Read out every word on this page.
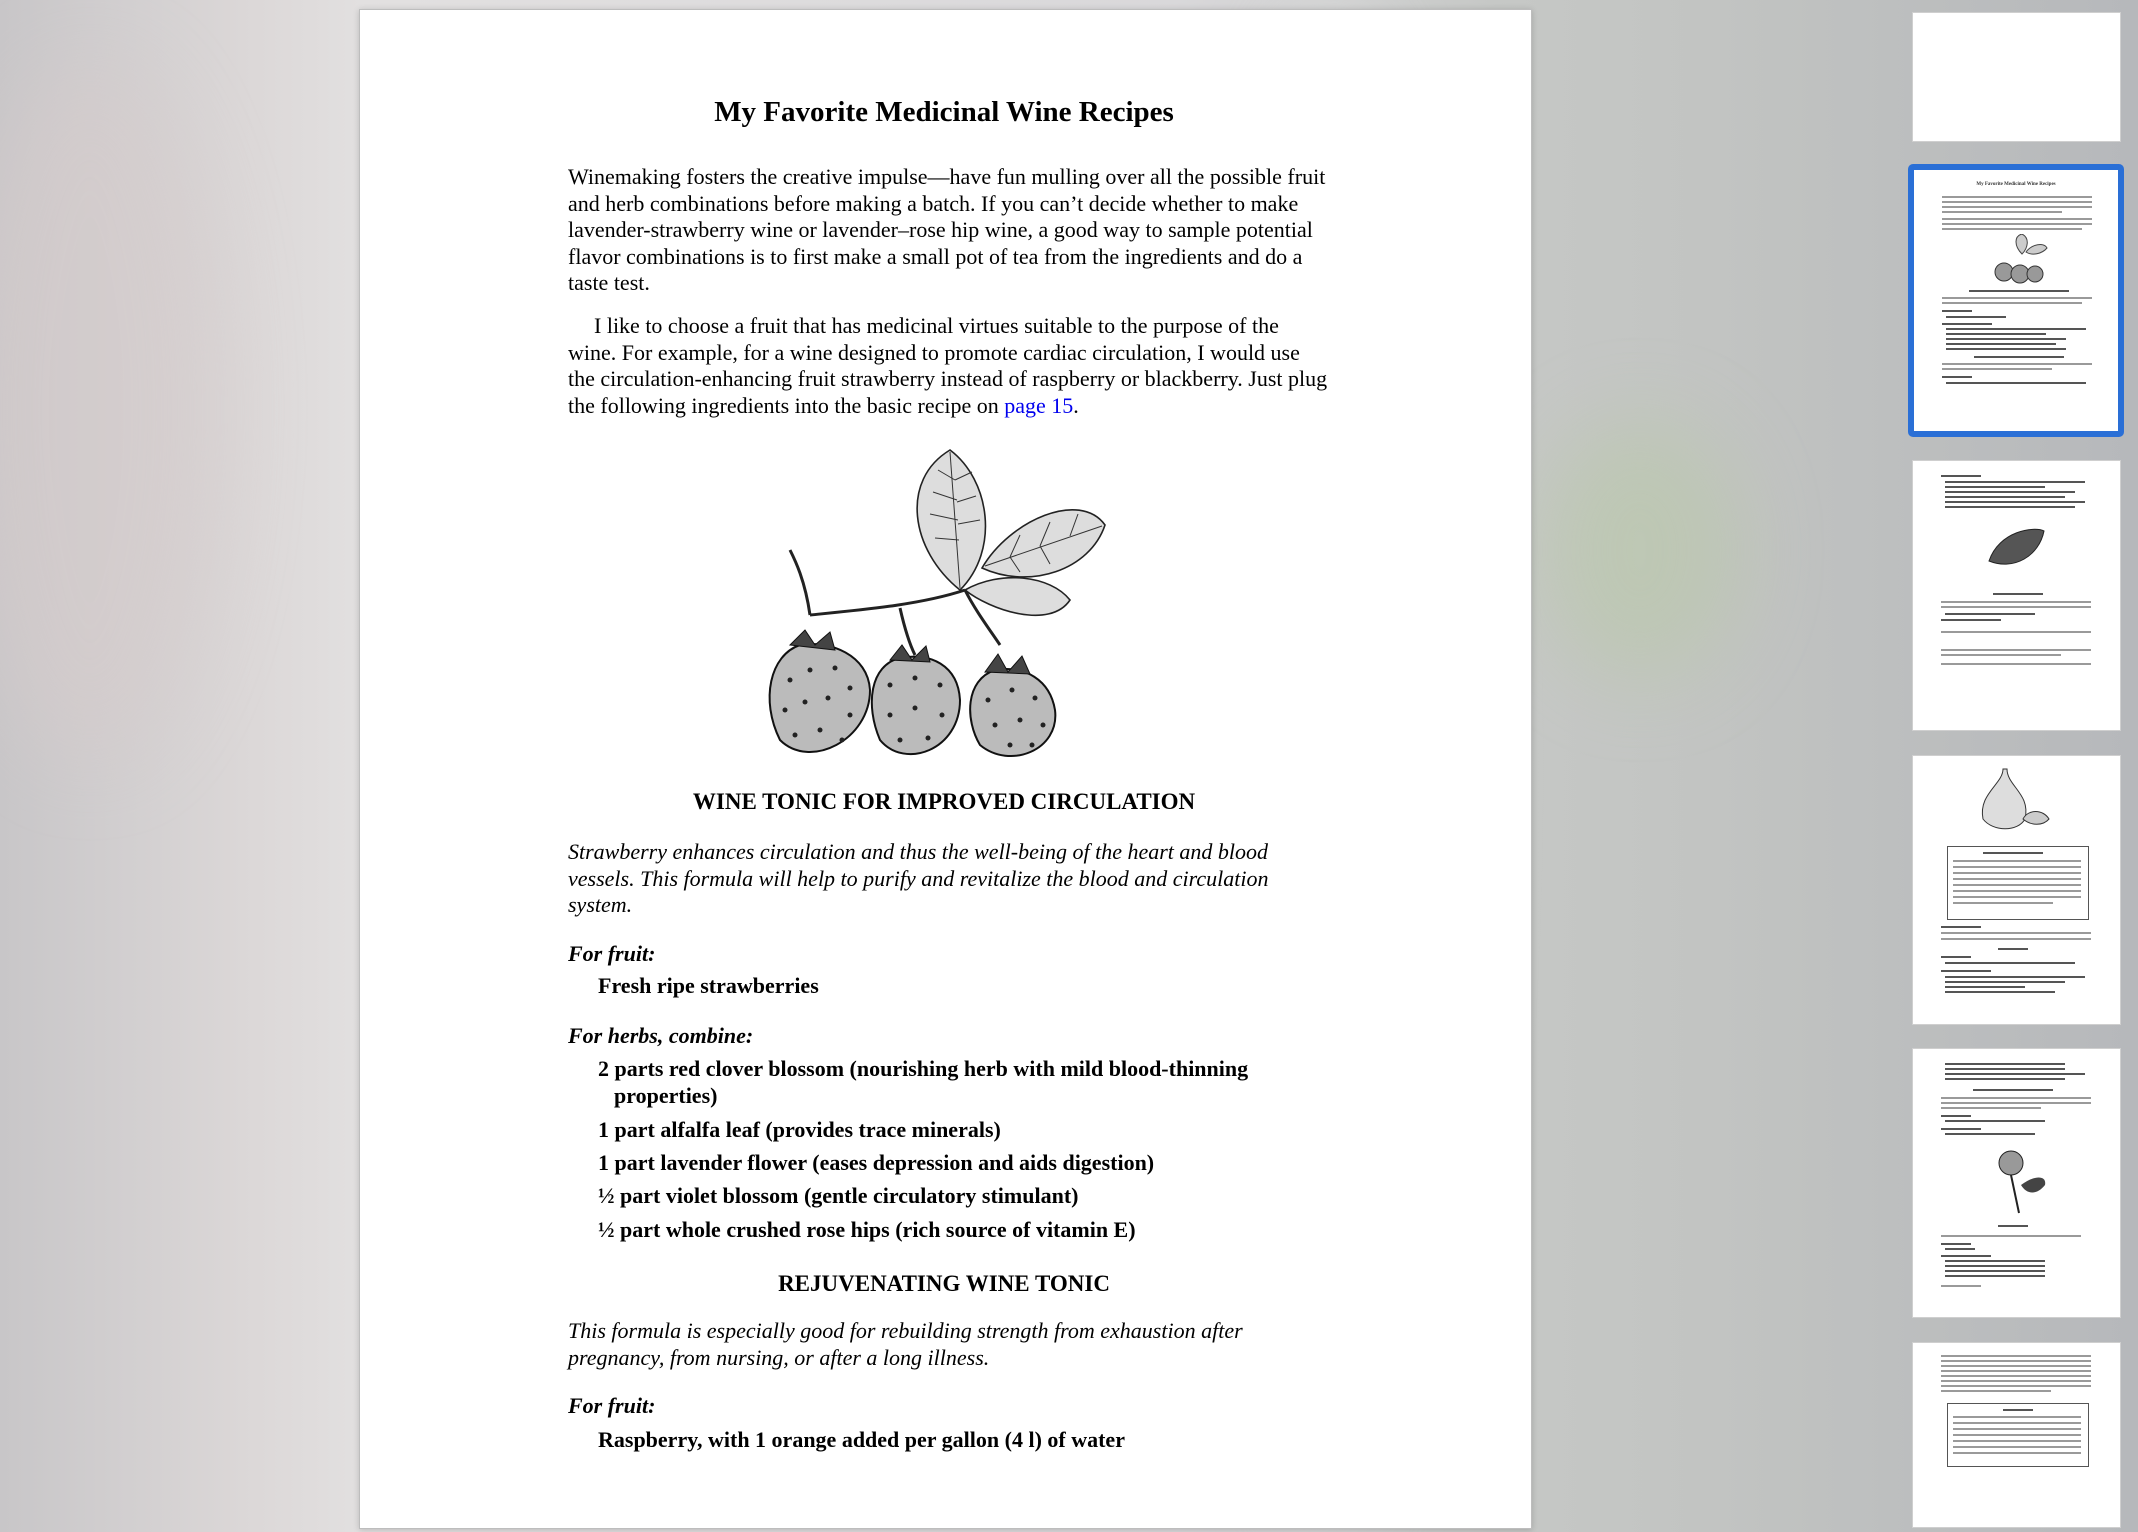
My Favorite Medicinal Wine Recipes
Winemaking fosters the creative impulse—have fun mulling over all the possible fruit and herb combinations before making a batch. If you can’t decide whether to make lavender-strawberry wine or lavender–rose hip wine, a good way to sample potential flavor combinations is to first make a small pot of tea from the ingredients and do a taste test.
I like to choose a fruit that has medicinal virtues suitable to the purpose of the wine. For example, for a wine designed to promote cardiac circulation, I would use the circulation-enhancing fruit strawberry instead of raspberry or blackberry. Just plug the following ingredients into the basic recipe on page 15.
WINE TONIC FOR IMPROVED CIRCULATION
Strawberry enhances circulation and thus the well-being of the heart and blood vessels. This formula will help to purify and revitalize the blood and circulation system.
For fruit:
Fresh ripe strawberries
For herbs, combine:
2 parts red clover blossom (nourishing herb with mild blood-thinning properties)
1 part alfalfa leaf (provides trace minerals)
1 part lavender flower (eases depression and aids digestion)
½ part violet blossom (gentle circulatory stimulant)
½ part whole crushed rose hips (rich source of vitamin E)
REJUVENATING WINE TONIC
This formula is especially good for rebuilding strength from exhaustion after pregnancy, from nursing, or after a long illness.
For fruit:
Raspberry, with 1 orange added per gallon (4 l) of water
My Favorite Medicinal Wine Recipes
